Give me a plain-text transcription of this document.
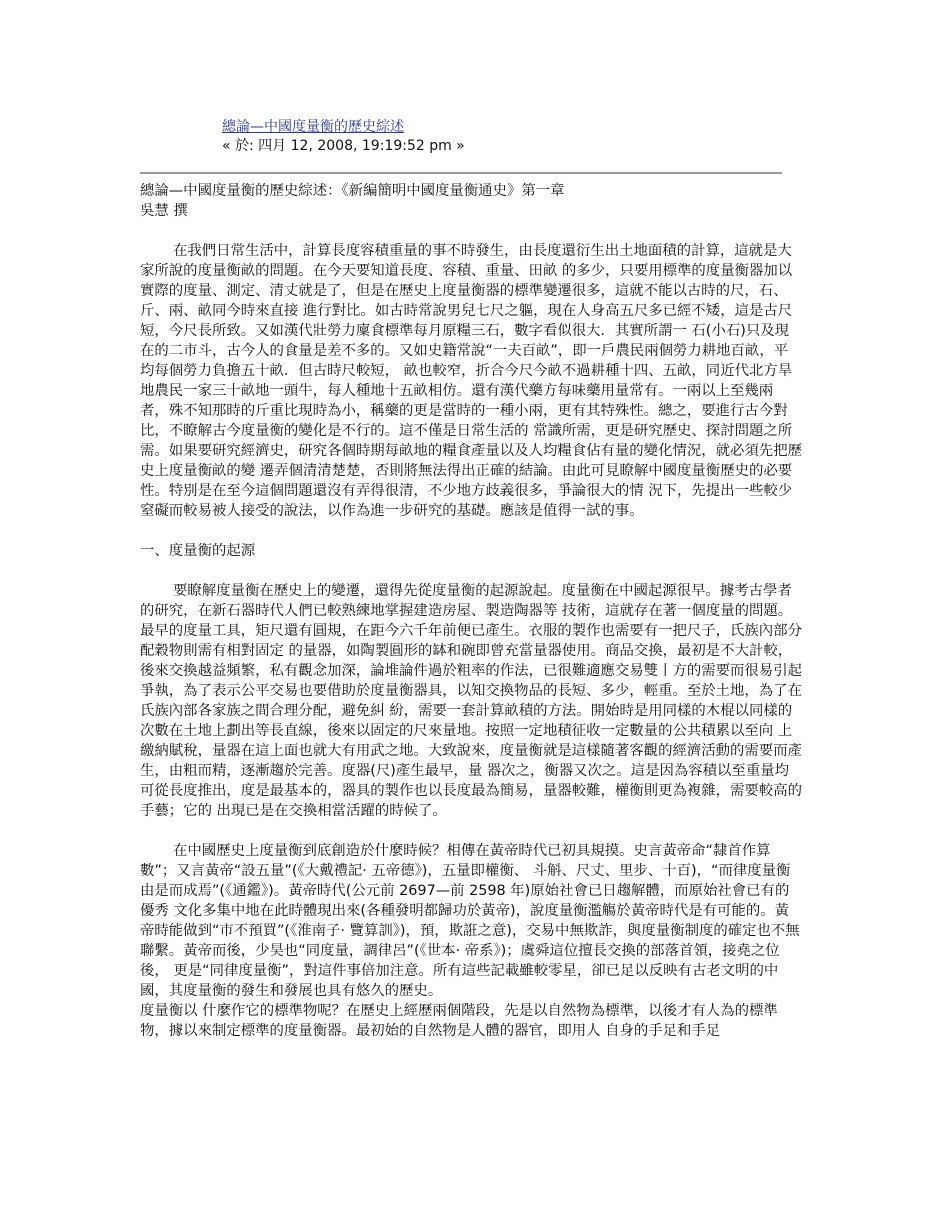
總論—中國度量衡的歷史綜述
« 於: 四月 12, 2008, 19:19:52 pm »

總論—中國度量衡的歷史綜述：《新編簡明中國度量衡通史》第一章

吳慧 撰

在我們日常生活中，計算長度容積重量的事不時發生，由長度還衍生出土地面積的計算，這就是大家所說的度量衡畝的問題。在今天要知道長度、容積、重量、田畝 的多少，只要用標準的度量衡器加以實際的度量、測定、清丈就是了，但是在歷史上度量衡器的標準變遷很多，這就不能以古時的尺，石、斤、兩、畝同今時來直接 進行對比。如古時常說男兒七尺之軀，現在人身高五尺多已經不矮，這是古尺短，今尺長所致。又如漢代壯勞力廩食標準每月原糧三石，數字看似很大．其實所謂一 石(小石)只及現在的二市斗，古今人的食量是差不多的。又如史籍常說“一夫百畝”，即一戶農民兩個勞力耕地百畝，平均每個勞力負擔五十畝．但古時尺較短， 畝也較窄，折合今尺今畝不過耕種十四、五畝，同近代北方旱地農民一家三十畝地一頭牛，每人種地十五畝相仿。還有漢代藥方每味藥用量常有。一兩以上至幾兩 者，殊不知那時的斤重比現時為小，稱藥的更是當時的一種小兩，更有其特殊性。總之，要進行古今對比，不瞭解古今度量衡的變化是不行的。這不僅是日常生活的 常識所需，更是研究歷史、探討問題之所需。如果要研究經濟史，研究各個時期每畝地的糧食產量以及人均糧食佔有量的變化情況，就必須先把歷史上度量衡畝的變 遷弄個清清楚楚，否則將無法得出正確的結論。由此可見瞭解中國度量衡歷史的必要性。特別是在至今這個問題還沒有弄得很清，不少地方歧義很多，爭論很大的情 況下，先提出一些較少窒礙而較易被人接受的說法，以作為進一步研究的基礎。應該是值得一試的事。

一、度量衡的起源

要瞭解度量衡在歷史上的變遷，還得先從度量衡的起源說起。度量衡在中國起源很早。據考古學者的研究，在新石器時代人們已較熟練地掌握建造房屋、製造陶器等 技術，這就存在著一個度量的問題。最早的度量工具，矩尺還有圓規，在距今六千年前便已產生。衣服的製作也需要有一把尺子，氏族內部分配穀物則需有相對固定 的量器，如陶製圓形的缽和碗即曾充當量器使用。商品交換，最初是不大計較，後來交換越益頻繁，私有觀念加深，論堆論件過於粗率的作法，已很難適應交易雙丨方的需要而很易引起爭執，為了表示公平交易也要借助於度量衡器具，以知交換物品的長短、多少，輕重。至於土地，為了在氏族內部各家族之間合理分配，避免糾 紛，需要一套計算畝積的方法。開始時是用同樣的木棍以同樣的次數在土地上劃出等長直線，後來以固定的尺來量地。按照一定地積征收一定數量的公共積累以至向 上繳納賦稅，量器在這上面也就大有用武之地。大致說來，度量衡就是這樣隨著客觀的經濟活動的需要而產生，由粗而精，逐漸趨於完善。度器(尺)產生最早，量 器次之，衡器又次之。這是因為容積以至重量均可從長度推出，度是最基本的，器具的製作也以長度最為簡易，量器較難，權衡則更為複雜，需要較高的手藝；它的 出現已是在交換相當活躍的時候了。

在中國歷史上度量衡到底創造於什麼時候？相傳在黃帝時代已初具規摸。史言黃帝命“隸首作算數”；又言黃帝“設五量”(《大戴禮記· 五帝德》)，五量即權衡、 斗斛、尺丈、里步、十百)，“而律度量衡由是而成焉”(《通鑑》)。黃帝時代(公元前 2697—前 2598 年)原始社會已日趨解體，而原始社會已有的優秀 文化多集中地在此時體現出來(各種發明都歸功於黃帝)，說度量衡濫觴於黃帝時代是有可能的。黃帝時能做到“市不預買”(《淮南子· 覽算訓》)，預，欺誑之意)，交易中無欺詐，與度量衡制度的確定也不無聯繫。黃帝而後，少昊也“同度量，調律呂”(《世本· 帝系》)；虞舜這位擅長交換的部落首領，接堯之位後， 更是“同律度量衡”，對這件事倍加注意。所有這些記載雖較零星，卻已足以反映有古老文明的中國，其度量衡的發生和發展也具有悠久的歷史。

度量衡以 什麼作它的標準物呢？在歷史上經歷兩個階段，先是以自然物為標準，以後才有人為的標準物，據以來制定標準的度量衡器。最初始的自然物是人體的器官，即用人 自身的手足和手足
